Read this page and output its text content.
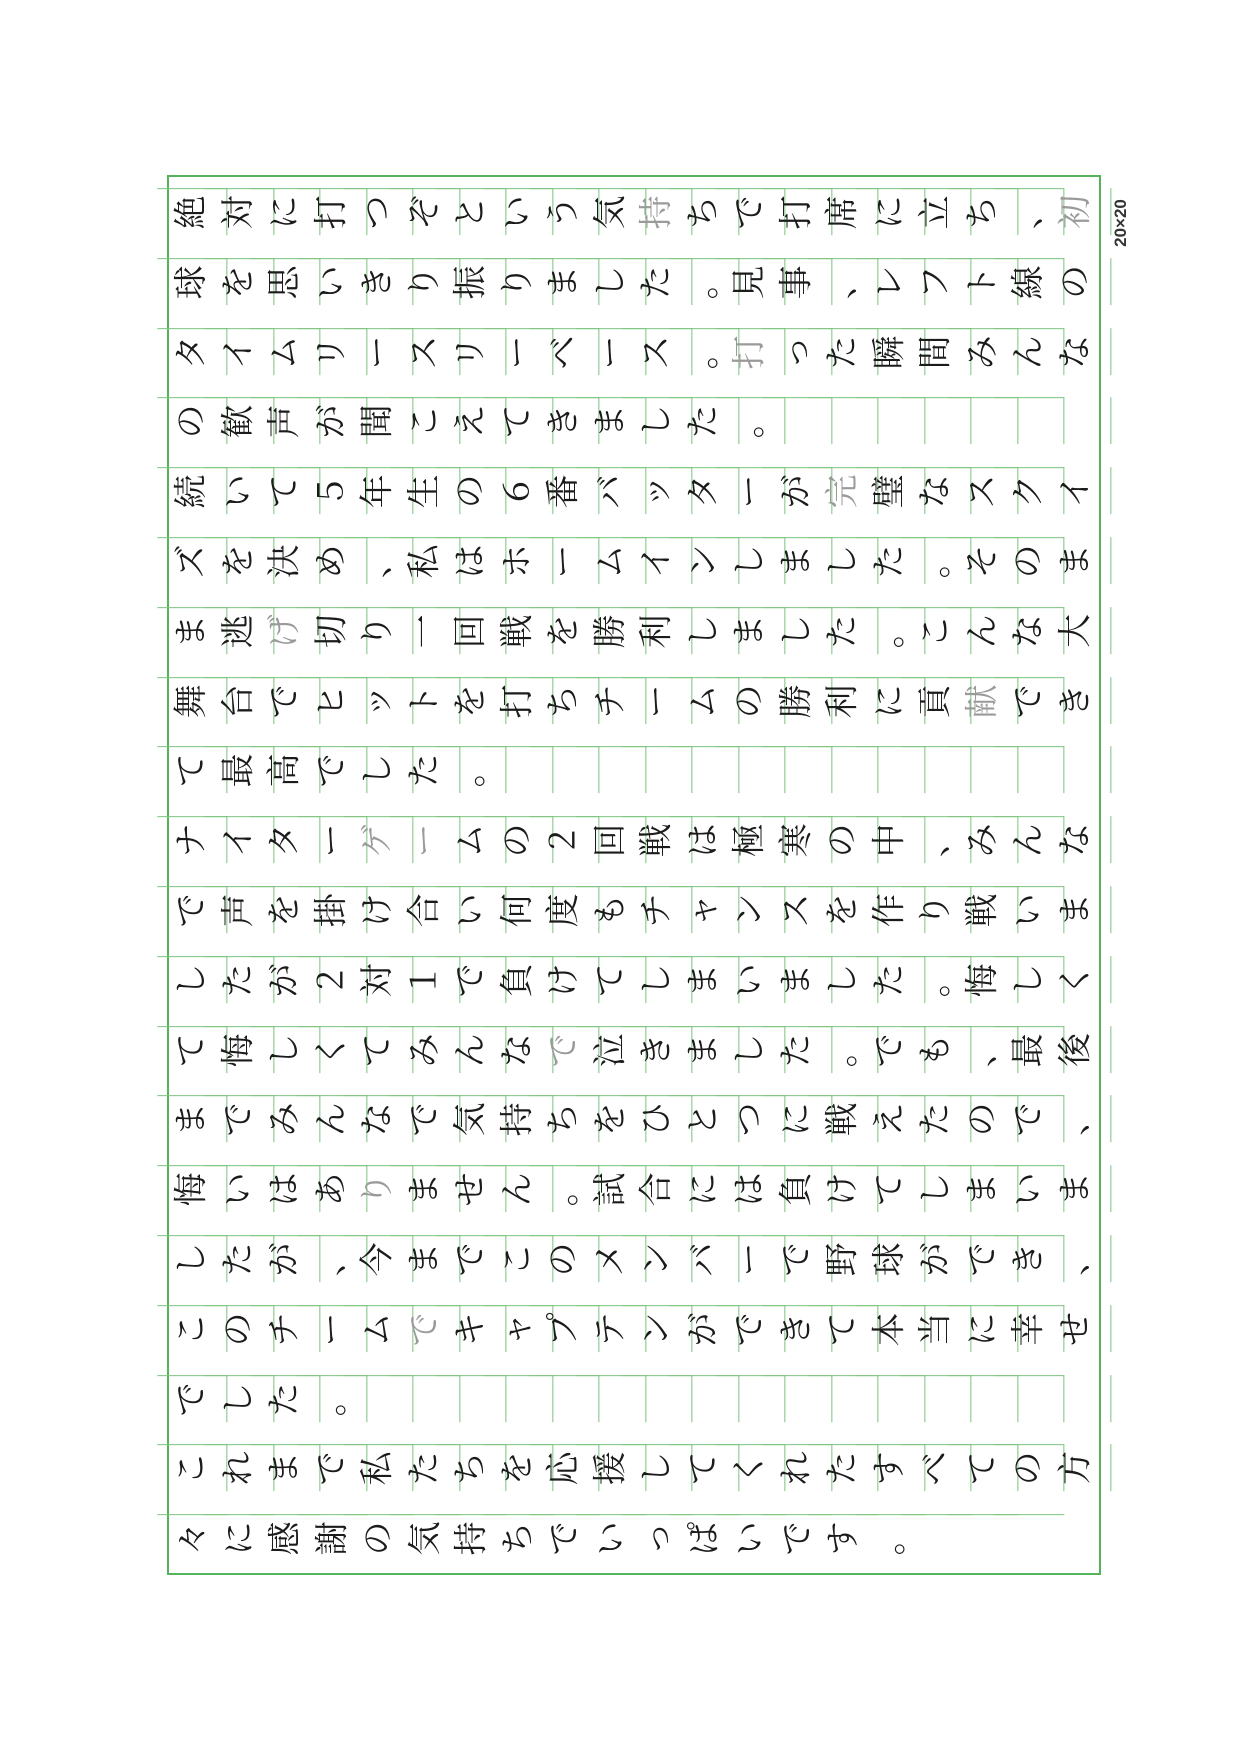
絶 対 に 打 つ ぞ と い う 気 持 ち で 打 席 に 立 ち 、 初
球 を 思 い き り 振 り ま し た 。 見 事 、 レ フ ト 線 の
タ イ ム リ ー ス リ ー ベ ー ス 。 打 っ た 瞬 間 み ん な
の 歓 声 が 聞 こ え て き ま し た 。
続 い て ５ 年 生 の ６ 番 バ ッ タ ー が 完 璧 な ス ク イ
ズ を 決 め 、 私 は ホ ー ム イ ン し ま し た 。 そ の ま
ま 逃 げ 切 り 一 回 戦 を 勝 利 し ま し た 。 こ ん な 大
舞 台 で ヒ ッ ト を 打 ち チ ー ム の 勝 利 に 貢 献 で き
て 最 高 で し た 。
ナ イ タ ー ゲ ー ム の ２ 回 戦 は 極 寒 の 中 、 み ん な
で 声 を 掛 け 合 い 何 度 も チ ャ ン ス を 作 り 戦 い ま
し た が ２ 対 １ で 負 け て し ま い ま し た 。 悔 し く
て 悔 し く て み ん な で 泣 き ま し た 。 で も 、 最 後
ま で み ん な で 気 持 ち を ひ と つ に 戦 え た の で 、
悔 い は あ り ま せ ん 。 試 合 に は 負 け て し ま い ま
し た が 、 今 ま で こ の メ ン バ ー で 野 球 が で き 、
こ の チ ー ム で キ ャ プ テ ン が で き て 本 当 に 幸 せ
で し た 。
こ れ ま で 私 た ち を 応 援 し て く れ た す べ て の 方
々 に 感 謝 の 気 持 ち で い っ ぱ い で す 。
20×20
